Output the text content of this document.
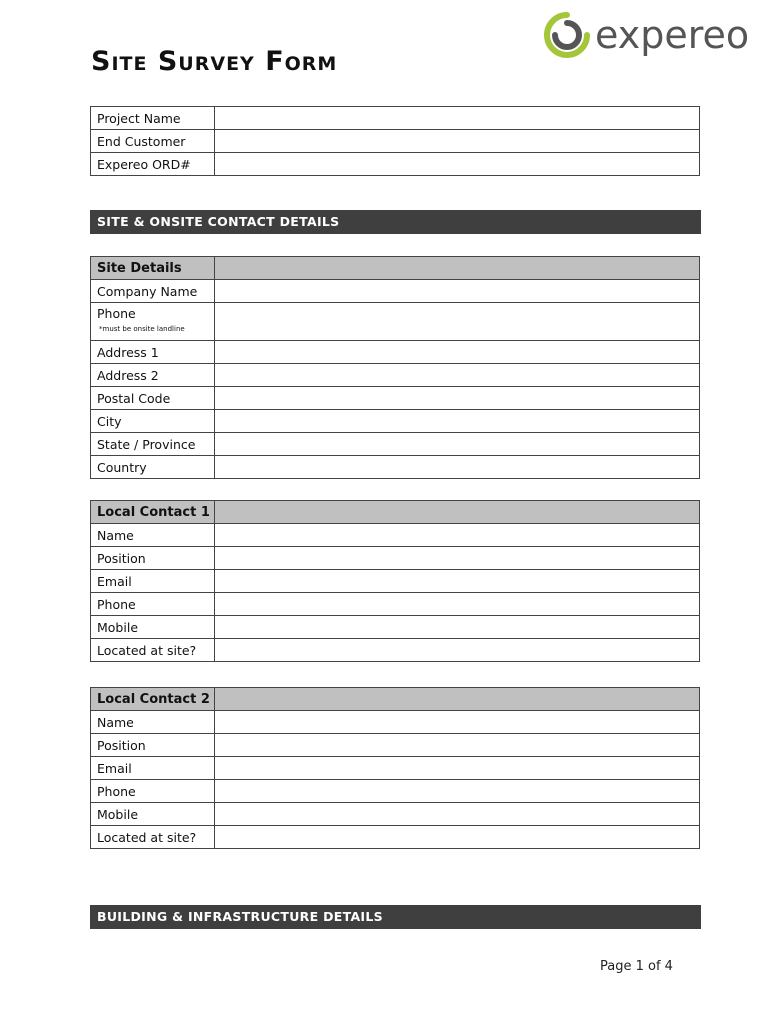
expereo
Site Survey Form
Project Name	
End Customer	
Expereo ORD#	
SITE & ONSITE CONTACT DETAILS
Site Details	
Company Name	
Phone
*must be onsite landline	

Address 1	
Address 2	
Postal Code	
City	
State / Province	
Country	
Local Contact 1	
Name	
Position	
Email	
Phone	
Mobile	
Located at site?	
Local Contact 2	
Name	
Position	
Email	
Phone	
Mobile	
Located at site?	
BUILDING & INFRASTRUCTURE DETAILS
Page 1 of 4
